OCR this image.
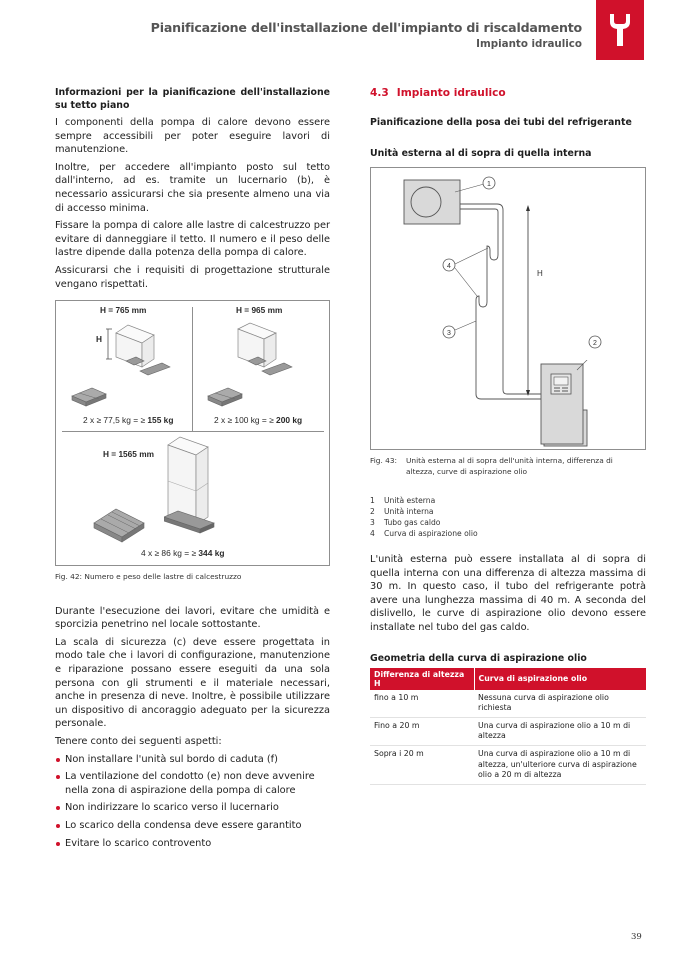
Pianificazione dell'installazione dell'impianto di riscaldamento
Impianto idraulico
Informazioni per la pianificazione dell'installazione su tetto piano

I componenti della pompa di calore devono essere sempre accessibili per poter eseguire lavori di manutenzione.

Inoltre, per accedere all'impianto posto sul tetto dall'interno, ad es. tramite un lucernario (b), è necessario assicurarsi che sia presente almeno una via di accesso minima.

Fissare la pompa di calore alle lastre di calcestruzzo per evitare di danneggiare il tetto. Il numero e il peso delle lastre dipende dalla potenza della pompa di calore.

Assicurarsi che i requisiti di progettazione strutturale vengano rispettati.

H = 765 mm
H
2 x ≥ 77,5 kg = ≥ 155 kg
H = 965 mm
2 x ≥ 100 kg = ≥ 200 kg
H = 1565 mm
4 x ≥ 86 kg = ≥ 344 kg
Fig. 42: Numero e peso delle lastre di calcestruzzo

Durante l'esecuzione dei lavori, evitare che umidità e sporcizia penetrino nel locale sottostante.

La scala di sicurezza (c) deve essere progettata in modo tale che i lavori di configurazione, manutenzione e riparazione possano essere eseguiti da una sola persona con gli strumenti e il materiale necessari, anche in presenza di neve. Inoltre, è possibile utilizzare un dispositivo di ancoraggio adeguato per la sicurezza personale.

Tenere conto dei seguenti aspetti:

Non installare l'unità sul bordo di caduta (f)
La ventilazione del condotto (e) non deve avvenire nella zona di aspirazione della pompa di calore
Non indirizzare lo scarico verso il lucernario
Lo scarico della condensa deve essere garantito
Evitare lo scarico controvento
4.3 Impianto idraulico
Pianificazione della posa dei tubi del refrigerante
Unità esterna al di sopra di quella interna
H
1
4
3
2
Fig. 43: Unità esterna al di sopra dell'unità interna, differenza di
altezza, curve di aspirazione olio
1 Unità esterna
2 Unità interna
3 Tubo gas caldo
4 Curva di aspirazione olio

L'unità esterna può essere installata al di sopra di quella interna con una differenza di altezza massima di 30 m. In questo caso, il tubo del refrigerante potrà avere una lunghezza massima di 40 m. A seconda del dislivello, le curve di aspirazione olio devono essere installate nel tubo del gas caldo.

Geometria della curva di aspirazione olio
Differenza di altezza H	Curva di aspirazione olio
fino a 10 m	Nessuna curva di aspirazione olio richiesta
Fino a 20 m	Una curva di aspirazione olio a 10 m di altezza
Sopra i 20 m	Una curva di aspirazione olio a 10 m di altezza, un'ulteriore curva di aspirazione olio a 20 m di altezza
39
